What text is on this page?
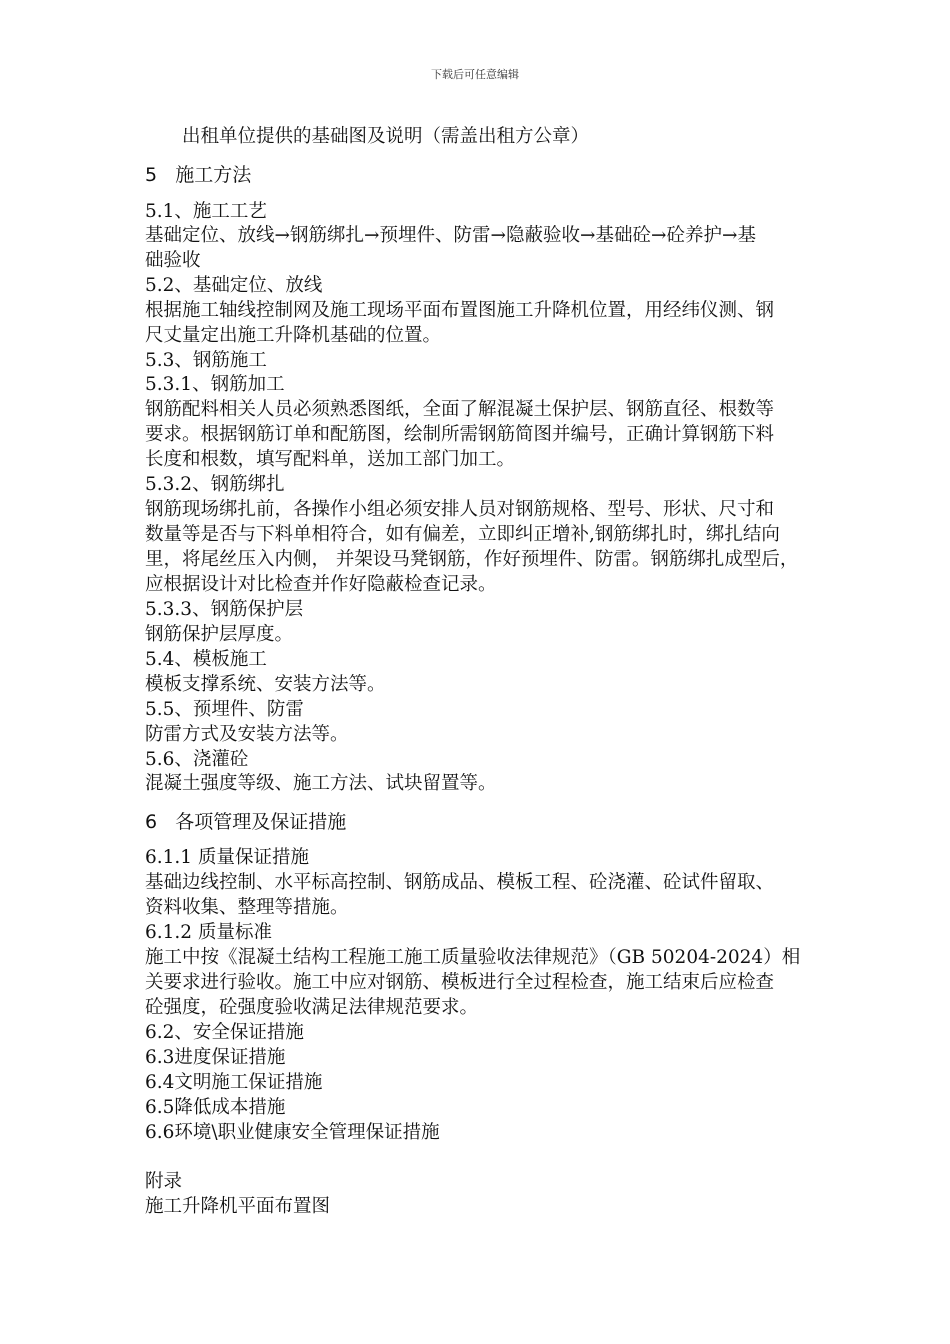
下载后可任意编辑
出租单位提供的基础图及说明（需盖出租方公章）
5   施工方法
5.1、施工工艺
基础定位、放线→钢筋绑扎→预埋件、防雷→隐蔽验收→基础砼→砼养护→基
础验收
5.2、基础定位、放线
根据施工轴线控制网及施工现场平面布置图施工升降机位置，用经纬仪测、钢
尺丈量定出施工升降机基础的位置。
5.3、钢筋施工
5.3.1、钢筋加工
钢筋配料相关人员必须熟悉图纸，全面了解混凝土保护层、钢筋直径、根数等
要求。根据钢筋订单和配筋图，绘制所需钢筋简图并编号，正确计算钢筋下料
长度和根数，填写配料单，送加工部门加工。
5.3.2、钢筋绑扎
钢筋现场绑扎前，各操作小组必须安排人员对钢筋规格、型号、形状、尺寸和
数量等是否与下料单相符合，如有偏差，立即纠正增补,钢筋绑扎时，绑扎结向
里，将尾丝压入内侧， 并架设马凳钢筋，作好预埋件、防雷。钢筋绑扎成型后，
应根据设计对比检查并作好隐蔽检查记录。
5.3.3、钢筋保护层
钢筋保护层厚度。
5.4、模板施工
模板支撑系统、安装方法等。
5.5、预埋件、防雷
防雷方式及安装方法等。
5.6、浇灌砼
混凝土强度等级、施工方法、试块留置等。
6   各项管理及保证措施
6.1.1 质量保证措施
基础边线控制、水平标高控制、钢筋成品、模板工程、砼浇灌、砼试件留取、
资料收集、整理等措施。
6.1.2 质量标准
施工中按《混凝土结构工程施工施工质量验收法律规范》（GB 50204-2024）相
关要求进行验收。施工中应对钢筋、模板进行全过程检查，施工结束后应检查
砼强度，砼强度验收满足法律规范要求。
6.2、安全保证措施
6.3进度保证措施
6.4文明施工保证措施
6.5降低成本措施
6.6环境\职业健康安全管理保证措施
附录
施工升降机平面布置图
